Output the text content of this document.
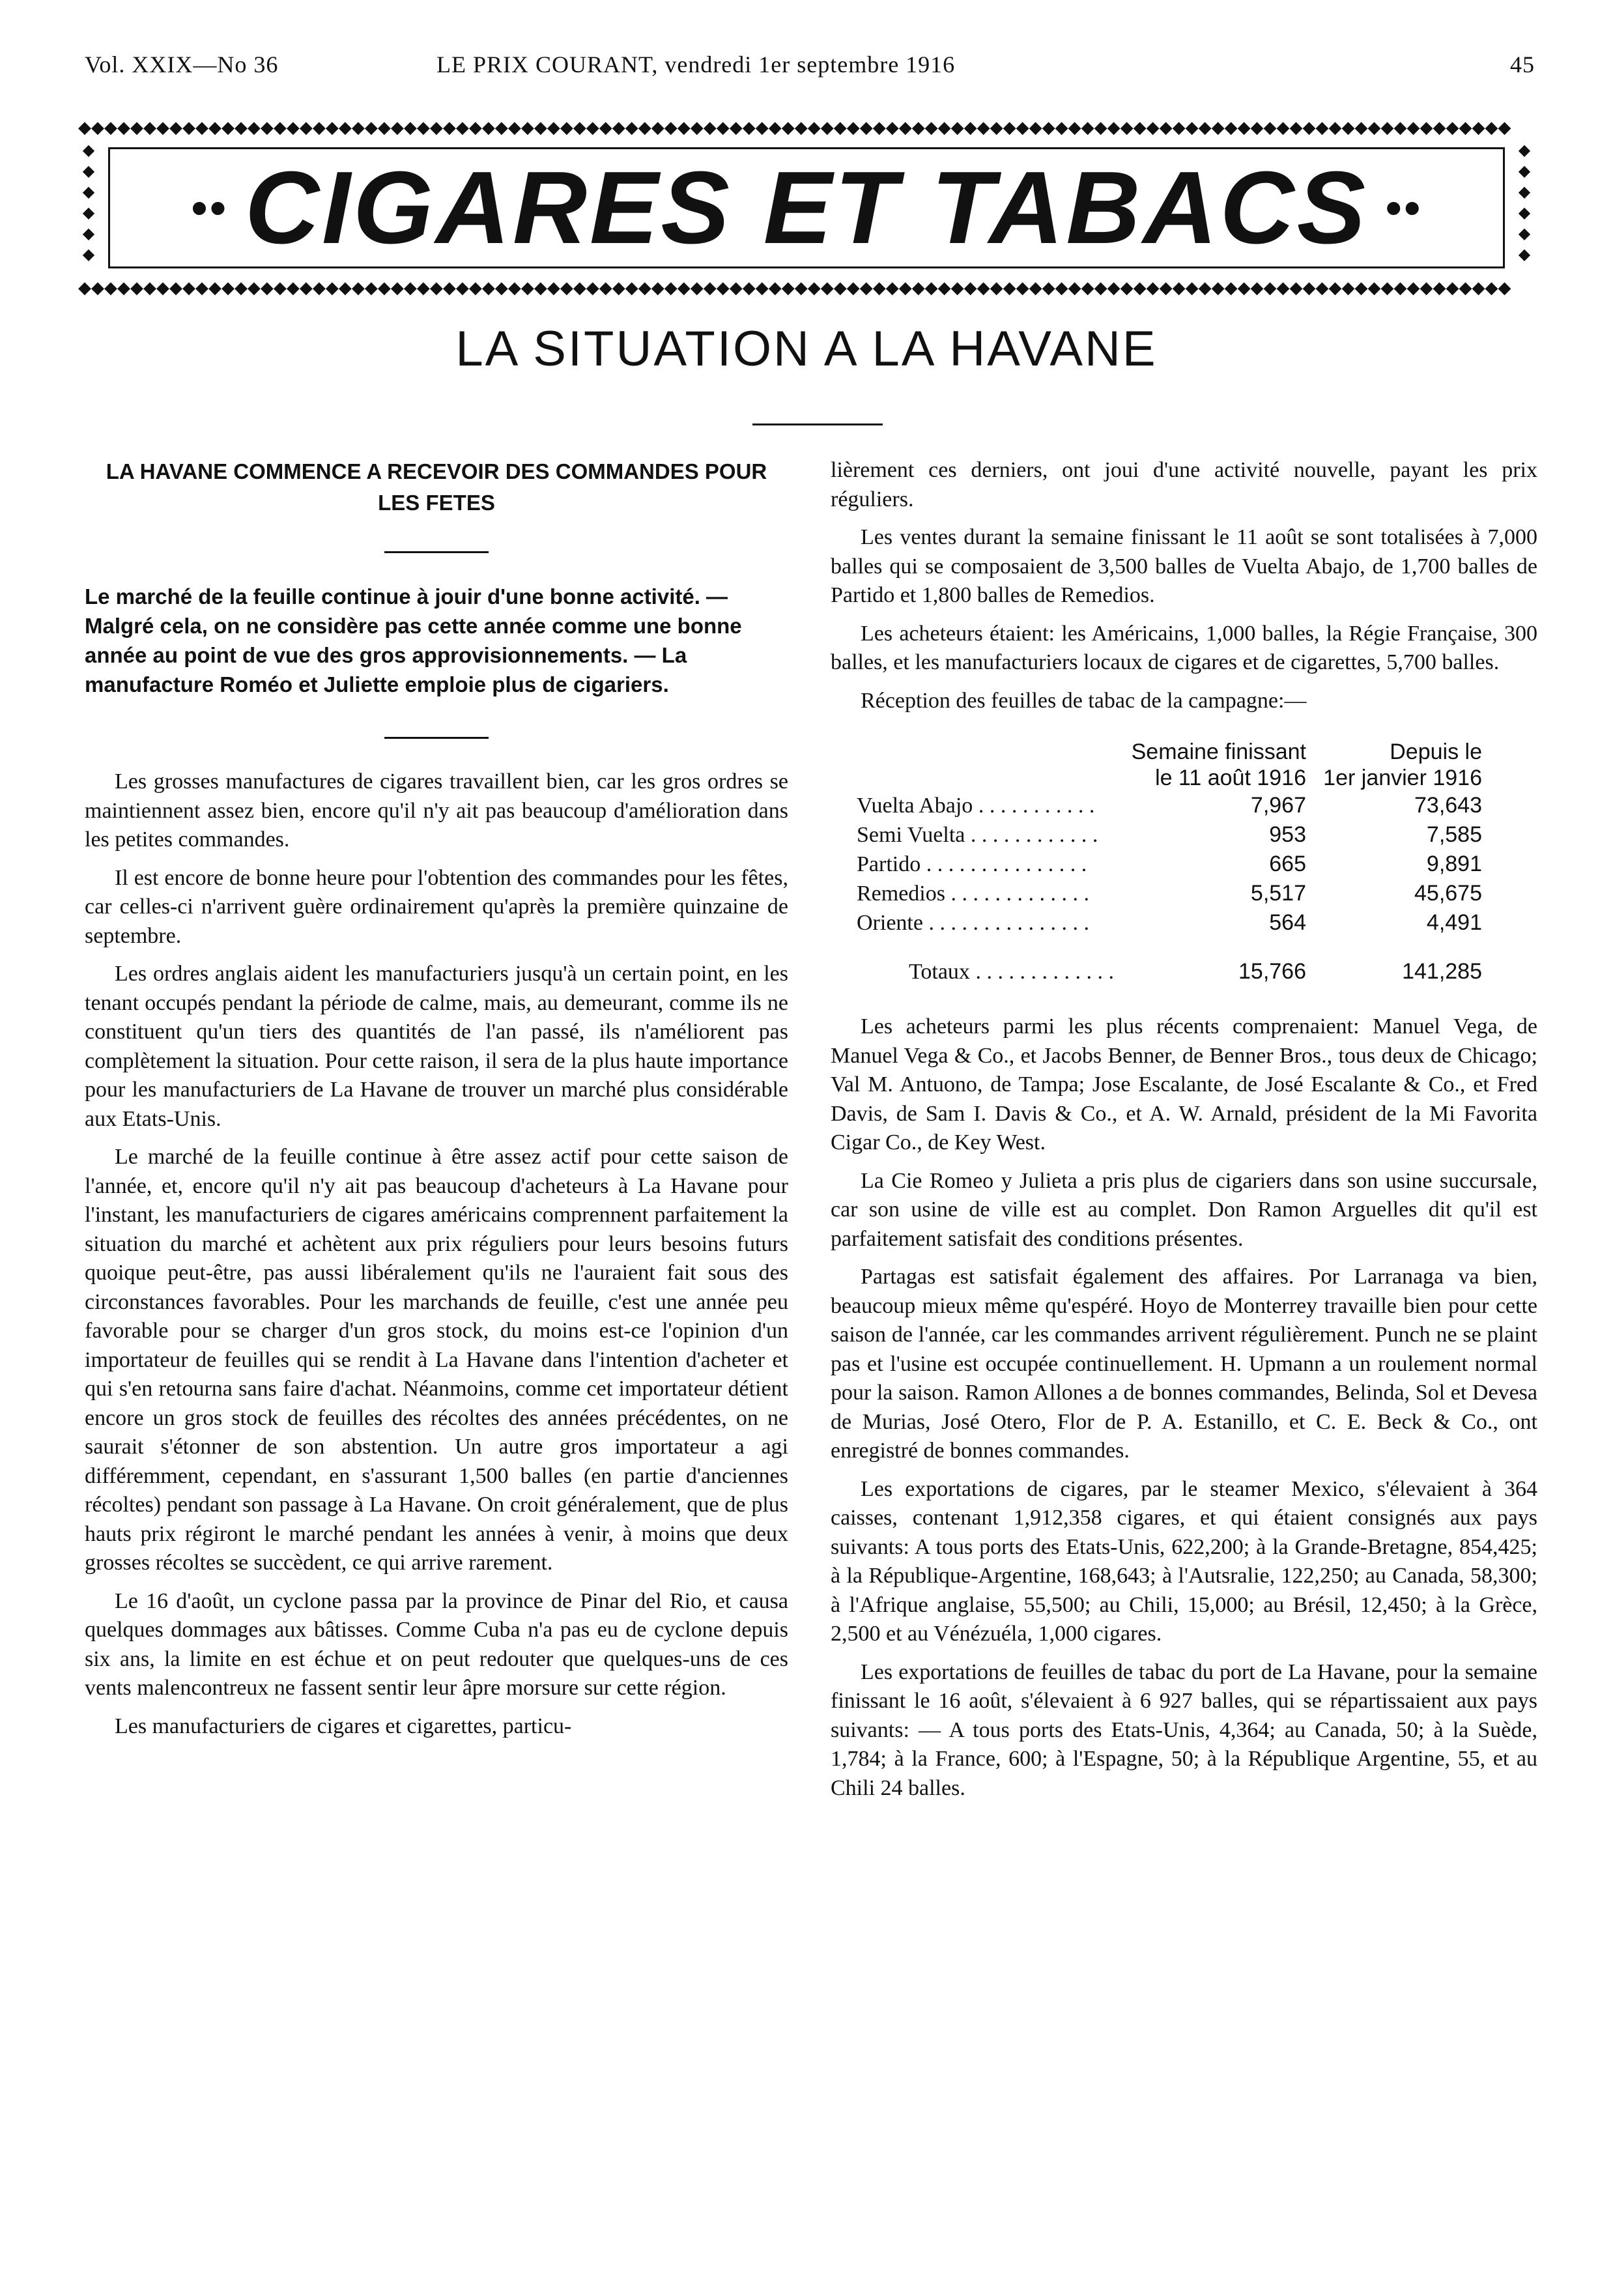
Vol. XXIX—No 36	LE PRIX COURANT, vendredi 1er septembre 1916	45
◆◆◆◆◆◆◆◆◆◆◆◆◆◆◆◆◆◆◆◆◆◆◆◆◆◆◆◆◆◆◆◆◆◆◆◆◆◆◆◆◆◆◆◆◆◆◆◆◆◆◆◆◆◆◆◆◆◆◆◆◆◆◆◆◆◆◆◆◆◆◆◆◆◆◆◆◆◆◆◆◆◆◆◆◆◆◆◆◆◆◆◆◆◆◆◆◆◆◆◆◆◆◆◆◆◆◆◆◆◆
◆◆◆◆◆◆
◆◆◆◆◆◆
◆◆◆◆◆◆◆◆◆◆◆◆◆◆◆◆◆◆◆◆◆◆◆◆◆◆◆◆◆◆◆◆◆◆◆◆◆◆◆◆◆◆◆◆◆◆◆◆◆◆◆◆◆◆◆◆◆◆◆◆◆◆◆◆◆◆◆◆◆◆◆◆◆◆◆◆◆◆◆◆◆◆◆◆◆◆◆◆◆◆◆◆◆◆◆◆◆◆◆◆◆◆◆◆◆◆◆◆◆◆
•• CIGARES ET TABACS ••
LA SITUATION A LA HAVANE
LA HAVANE COMMENCE A RECEVOIR DES COMMANDES POUR LES FETES
Le marché de la feuille continue à jouir d'une bonne activité. — Malgré cela, on ne considère pas cette année comme une bonne année au point de vue des gros approvisionnements. — La manufacture Roméo et Juliette emploie plus de cigariers.

Les grosses manufactures de cigares travaillent bien, car les gros ordres se maintiennent assez bien, encore qu'il n'y ait pas beaucoup d'amélioration dans les petites commandes.

Il est encore de bonne heure pour l'obtention des commandes pour les fêtes, car celles-ci n'arrivent guère ordinairement qu'après la première quinzaine de septembre.

Les ordres anglais aident les manufacturiers jusqu'à un certain point, en les tenant occupés pendant la période de calme, mais, au demeurant, comme ils ne constituent qu'un tiers des quantités de l'an passé, ils n'améliorent pas complètement la situation. Pour cette raison, il sera de la plus haute importance pour les manufacturiers de La Havane de trouver un marché plus considérable aux Etats-Unis.

Le marché de la feuille continue à être assez actif pour cette saison de l'année, et, encore qu'il n'y ait pas beaucoup d'acheteurs à La Havane pour l'instant, les manufacturiers de cigares américains comprennent parfaitement la situation du marché et achètent aux prix réguliers pour leurs besoins futurs quoique peut-être, pas aussi libéralement qu'ils ne l'auraient fait sous des circonstances favorables. Pour les marchands de feuille, c'est une année peu favorable pour se charger d'un gros stock, du moins est-ce l'opinion d'un importateur de feuilles qui se rendit à La Havane dans l'intention d'acheter et qui s'en retourna sans faire d'achat. Néanmoins, comme cet importateur détient encore un gros stock de feuilles des récoltes des années précédentes, on ne saurait s'étonner de son abstention. Un autre gros importateur a agi différemment, cependant, en s'assurant 1,500 balles (en partie d'anciennes récoltes) pendant son passage à La Havane. On croit généralement, que de plus hauts prix régiront le marché pendant les années à venir, à moins que deux grosses récoltes se succèdent, ce qui arrive rarement.

Le 16 d'août, un cyclone passa par la province de Pinar del Rio, et causa quelques dommages aux bâtisses. Comme Cuba n'a pas eu de cyclone depuis six ans, la limite en est échue et on peut redouter que quelques-uns de ces vents malencontreux ne fassent sentir leur âpre morsure sur cette région.

Les manufacturiers de cigares et cigarettes, particu-

lièrement ces derniers, ont joui d'une activité nouvelle, payant les prix réguliers.

Les ventes durant la semaine finissant le 11 août se sont totalisées à 7,000 balles qui se composaient de 3,500 balles de Vuelta Abajo, de 1,700 balles de Partido et 1,800 balles de Remedios.

Les acheteurs étaient: les Américains, 1,000 balles, la Régie Française, 300 balles, et les manufacturiers locaux de cigares et de cigarettes, 5,700 balles.

Réception des feuilles de tabac de la campagne:—

	Semaine finissant	Depuis le
	le 11 août 1916	1er janvier 1916
Vuelta Abajo . . . . . . . . . . .	7,967	73,643
Semi Vuelta . . . . . . . . . . . .	953	7,585
Partido . . . . . . . . . . . . . . .	665	9,891
Remedios . . . . . . . . . . . . .	5,517	45,675
Oriente . . . . . . . . . . . . . . .	564	4,491

Totaux . . . . . . . . . . . . .	15,766	141,285

Les acheteurs parmi les plus récents comprenaient: Manuel Vega, de Manuel Vega & Co., et Jacobs Benner, de Benner Bros., tous deux de Chicago; Val M. Antuono, de Tampa; Jose Escalante, de José Escalante & Co., et Fred Davis, de Sam I. Davis & Co., et A. W. Arnald, président de la Mi Favorita Cigar Co., de Key West.

La Cie Romeo y Julieta a pris plus de cigariers dans son usine succursale, car son usine de ville est au complet. Don Ramon Arguelles dit qu'il est parfaitement satisfait des conditions présentes.

Partagas est satisfait également des affaires. Por Larranaga va bien, beaucoup mieux même qu'espéré. Hoyo de Monterrey travaille bien pour cette saison de l'année, car les commandes arrivent régulièrement. Punch ne se plaint pas et l'usine est occupée continuellement. H. Upmann a un roulement normal pour la saison. Ramon Allones a de bonnes commandes, Belinda, Sol et Devesa de Murias, José Otero, Flor de P. A. Estanillo, et C. E. Beck & Co., ont enregistré de bonnes commandes.

Les exportations de cigares, par le steamer Mexico, s'élevaient à 364 caisses, contenant 1,912,358 cigares, et qui étaient consignés aux pays suivants: A tous ports des Etats-Unis, 622,200; à la Grande-Bretagne, 854,425; à la République-Argentine, 168,643; à l'Autsralie, 122,250; au Canada, 58,300; à l'Afrique anglaise, 55,500; au Chili, 15,000; au Brésil, 12,450; à la Grèce, 2,500 et au Vénézuéla, 1,000 cigares.

Les exportations de feuilles de tabac du port de La Havane, pour la semaine finissant le 16 août, s'élevaient à 6 927 balles, qui se répartissaient aux pays suivants: — A tous ports des Etats-Unis, 4,364; au Canada, 50; à la Suède, 1,784; à la France, 600; à l'Espagne, 50; à la République Argentine, 55, et au Chili 24 balles.
